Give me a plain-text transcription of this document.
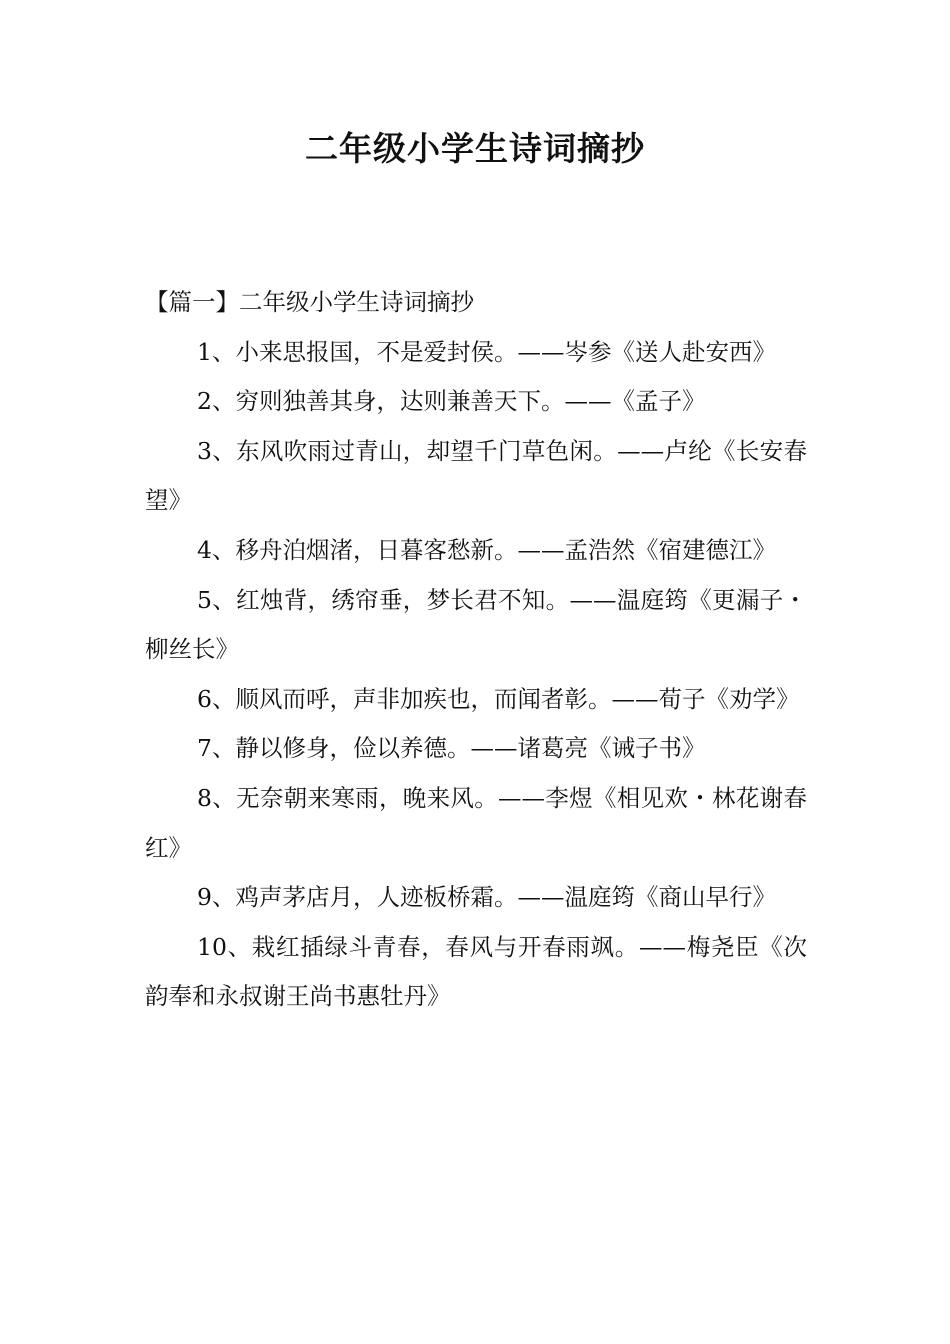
二年级小学生诗词摘抄

【篇一】二年级小学生诗词摘抄

1、小来思报国，不是爱封侯。——岑参《送人赴安西》

2、穷则独善其身，达则兼善天下。——《孟子》

3、东风吹雨过青山，却望千门草色闲。——卢纶《长安春望》

4、移舟泊烟渚，日暮客愁新。——孟浩然《宿建德江》

5、红烛背，绣帘垂，梦长君不知。——温庭筠《更漏子・柳丝长》

6、顺风而呼，声非加疾也，而闻者彰。——荀子《劝学》

7、静以修身，俭以养德。——诸葛亮《诫子书》

8、无奈朝来寒雨，晚来风。——李煜《相见欢・林花谢春红》

9、鸡声茅店月，人迹板桥霜。——温庭筠《商山早行》

10、栽红插绿斗青春，春风与开春雨飒。——梅尧臣《次韵奉和永叔谢王尚书惠牡丹》
